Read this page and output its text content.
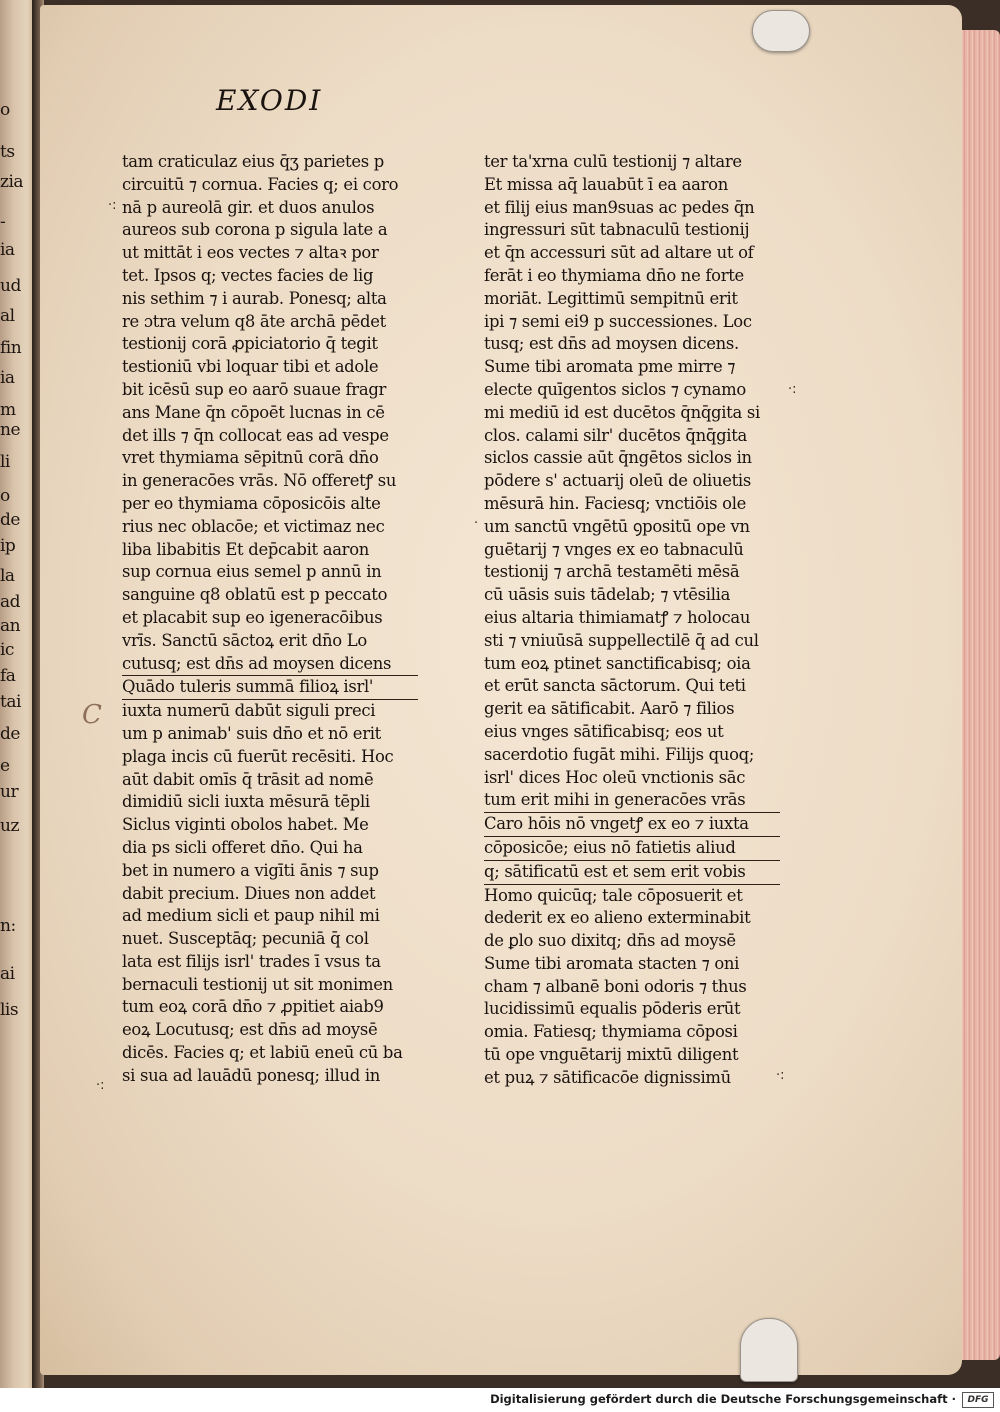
o
ts
zia
-
ia
ud
al
fin
ia
m
ne
li
o
de
ip
la
ad
an
ic
fa
tai
de
e
ur
uz
n:
ai
lis
EXODI
C
·:
·:
·
·:
·:
tam craticulaz eius q̄ʒ parietes p
circuitū ⁊ cornua. Facies q; ei coro
nā p aureolā gir. et duos anulos
aureos sub corona p sigula late a
ut mittāt i eos vectes ⁊ altaꝛ por
tet. Ipsos q; vectes facies de lig
nis sethim ⁊ i aurab. Ponesq; alta
re ɔtra velum q8 āte archā pēdet
testionij corā ꝓpiciatorio q̄ tegit
testioniū vbi loquar tibi et adole
bit icēsū sup eo aarō suaue fragr
ans Mane q̄n cōpoēt lucnas in cē
det ills ⁊ q̄n collocat eas ad vespe
vret thymiama sēpitnū corā dn̄o
in generacōes vrās. Nō offeretꝭ su
per eo thymiama cōposicōis alte
rius nec oblacōe; et victimaz nec
liba libabitis Et dep̄cabit aaron
sup cornua eius semel p annū in
sanguine q8 oblatū est p peccato
et placabit sup eo igeneracōibus
vrīs. Sanctū sāctoꝝ erit dn̄o Lo
cutusq; est dn̄s ad moysen dicens
Quādo tuleris summā filioꝝ isrl'
iuxta numerū dabūt siguli preci
um p animab' suis dn̄o et nō erit
plaga incis cū fuerūt recēsiti. Hoc
aūt dabit omīs q̄ trāsit ad nomē
dimidiū sicli iuxta mēsurā tēpli
Siclus viginti obolos habet. Me
dia ps sicli offeret dn̄o. Qui ha
bet in numero a vigīti ānis ⁊ sup
dabit precium. Diues non addet
ad medium sicli et paup nihil mi
nuet. Susceptāq; pecuniā q̄ col
lata est filijs isrl' trades ī vsus ta
bernaculi testionij ut sit monimen
tum eoꝝ corā dn̄o ⁊ ꝓpitiet aiab9
eoꝝ Locutusq; est dn̄s ad moysē
dicēs. Facies q; et labiū eneū cū ba
si sua ad lauādū ponesq; illud in
ter ta'xrna culū testionij ⁊ altare
Et missa aq̄ lauabūt ī ea aaron
et filij eius man9suas ac pedes q̄n
ingressuri sūt tabnaculū testionij
et q̄n accessuri sūt ad altare ut of
ferāt i eo thymiama dn̄o ne forte
moriāt. Legittimū sempitnū erit
ipi ⁊ semi ei9 p successiones. Loc
tusq; est dn̄s ad moysen dicens.
Sume tibi aromata pme mirre ⁊
electe quīgentos siclos ⁊ cynamo
mi mediū id est ducētos q̄nq̄gita si
clos. calami silr' ducētos q̄nq̄gita
siclos cassie aūt q̄ngētos siclos in
pōdere s' actuarij oleū de oliuetis
mēsurā hin. Faciesq; vnctiōis ole
um sanctū vngētū ꝯpositū ope vn
guētarij ⁊ vnges ex eo tabnaculū
testionij ⁊ archā testamēti mēsā
cū uāsis suis tādelab; ⁊ vtēsilia
eius altaria thimiamatꝭ ⁊ holocau
sti ⁊ vniuūsā suppellectilē q̄ ad cul
tum eoꝝ ptinet sanctificabisq; oia
et erūt sancta sāctorum. Qui teti
gerit ea sātificabit. Aarō ⁊ filios
eius vnges sātificabisq; eos ut
sacerdotio fugāt mihi. Filijs quoq;
isrl' dices Hoc oleū vnctionis sāc
tum erit mihi in generacōes vrās
Caro hōis nō vngetꝭ ex eo ⁊ iuxta
cōposicōe; eius nō fatietis aliud
q; sātificatū est et sem erit vobis
Homo quicūq; tale cōposuerit et
dederit ex eo alieno exterminabit
de ꝑlo suo dixitq; dn̄s ad moysē
Sume tibi aromata stacten ⁊ oni
cham ⁊ albanē boni odoris ⁊ thus
lucidissimū equalis pōderis erūt
omia. Fatiesq; thymiama cōposi
tū ope vnguētarij mixtū diligent
et puꝝ ⁊ sātificacōe dignissimū
Digitalisierung gefördert durch die Deutsche Forschungsgemeinschaft ·	DFG
